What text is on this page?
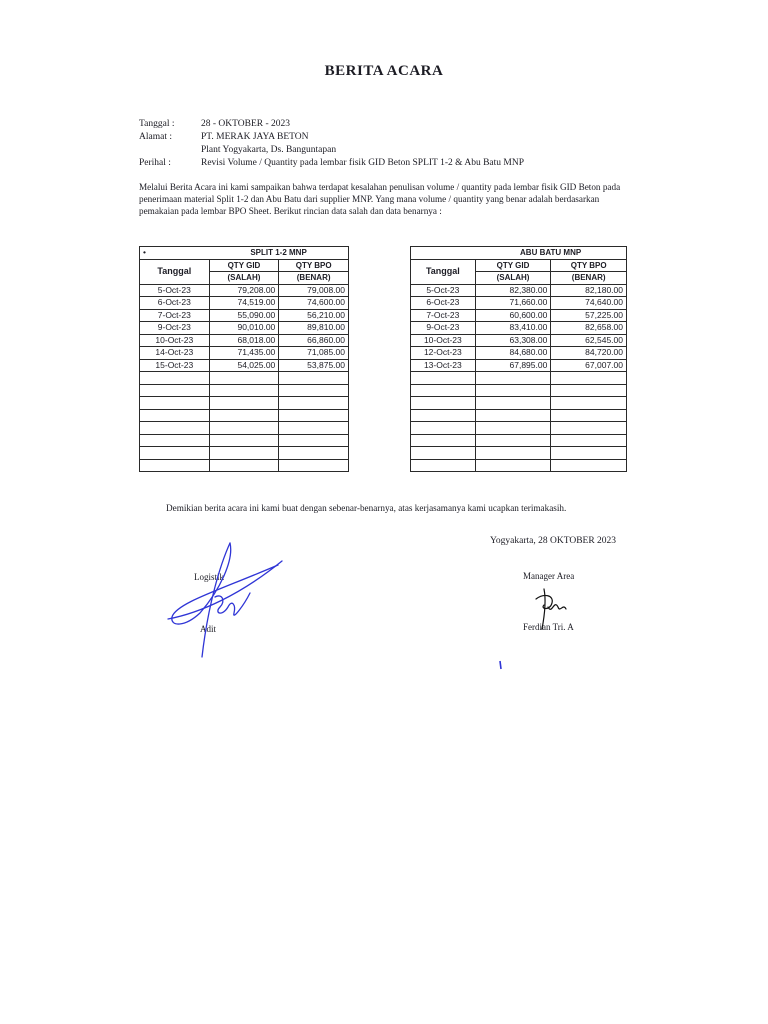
BERITA ACARA
Tanggal :	28 - OKTOBER - 2023
Alamat :	PT. MERAK JAYA BETON
Plant Yogyakarta, Ds. Banguntapan
Perihal :	Revisi Volume / Quantity pada lembar fisik GID Beton SPLIT 1-2 & Abu Batu MNP
Melalui Berita Acara ini kami sampaikan bahwa terdapat kesalahan penulisan volume / quantity pada lembar fisik GID Beton pada
penerimaan material Split 1-2 dan Abu Batu dari supplier MNP. Yang mana volume / quantity yang benar adalah berdasarkan
pemakaian pada lembar BPO Sheet. Berikut rincian data salah dan data benarnya :
•	SPLIT 1-2 MNP	
Tanggal	QTY GID	QTY BPO
	(SALAH)	(BENAR)
5-Oct-23	79,208.00	79,008.00
6-Oct-23	74,519.00	74,600.00
7-Oct-23	55,090.00	56,210.00
9-Oct-23	90,010.00	89,810.00
10-Oct-23	68,018.00	66,860.00
14-Oct-23	71,435.00	71,085.00
15-Oct-23	54,025.00	53,875.00

	ABU BATU MNP	
Tanggal	QTY GID	QTY BPO
	(SALAH)	(BENAR)
5-Oct-23	82,380.00	82,180.00
6-Oct-23	71,660.00	74,640.00
7-Oct-23	60,600.00	57,225.00
9-Oct-23	83,410.00	82,658.00
10-Oct-23	63,308.00	62,545.00
12-Oct-23	84,680.00	84,720.00
13-Oct-23	67,895.00	67,007.00

Demikian berita acara ini kami buat dengan sebenar-benarnya, atas kerjasamanya kami ucapkan terimakasih.
Yogyakarta, 28 OKTOBER 2023
Logistik
Adit
Manager Area
Ferdian Tri. A
